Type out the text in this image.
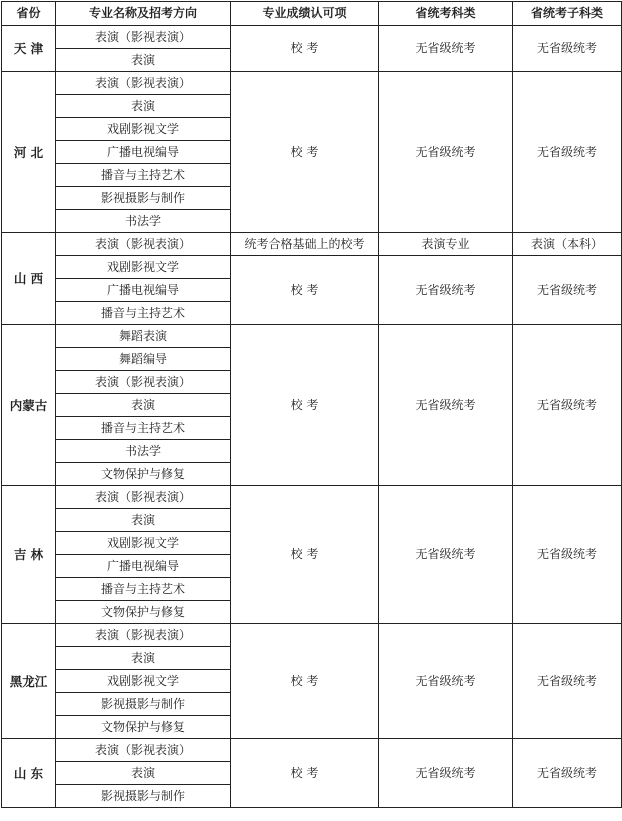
省份	专业名称及招考方向	专业成绩认可项	省统考科类	省统考子科类
天 津	表演（影视表演）	校 考	无省级统考	无省级统考
	表演			
河 北	表演（影视表演）	校 考	无省级统考	无省级统考
	表演			
	戏剧影视文学			
	广播电视编导			
	播音与主持艺术			
	影视摄影与制作			
	书法学			
山 西	表演（影视表演）	统考合格基础上的校考	表演专业	表演（本科）
	戏剧影视文学	校 考	无省级统考	无省级统考
	广播电视编导			
	播音与主持艺术			
内蒙古	舞蹈表演	校 考	无省级统考	无省级统考
	舞蹈编导			
	表演（影视表演）			
	表演			
	播音与主持艺术			
	书法学			
	文物保护与修复			
吉 林	表演（影视表演）	校 考	无省级统考	无省级统考
	表演			
	戏剧影视文学			
	广播电视编导			
	播音与主持艺术			
	文物保护与修复			
黑龙江	表演（影视表演）	校 考	无省级统考	无省级统考
	表演			
	戏剧影视文学			
	影视摄影与制作			
	文物保护与修复			
山 东	表演（影视表演）	校 考	无省级统考	无省级统考
	表演			
	影视摄影与制作			
